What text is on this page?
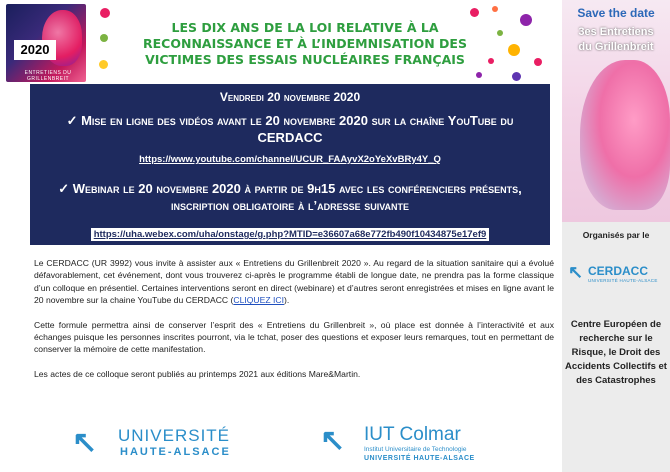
2020
ENTRETIENS DU GRILLENBREIT
LES DIX ANS DE LA LOI RELATIVE À LA
RECONNAISSANCE ET À L’INDEMNISATION DES
VICTIMES DES ESSAIS NUCLÉAIRES FRANÇAIS
Vendredi 20 novembre 2020
✓ Mise en ligne des vidéos avant le 20 novembre 2020 sur la chaîne YouTube du CERDACC
https://www.youtube.com/channel/UCUR_FAAyvX2oYeXvBRy4Y_Q
✓ Webinar le 20 novembre 2020 à partir de 9h15 avec les conférenciers présents, inscription obligatoire à l’adresse suivante
https://uha.webex.com/uha/onstage/g.php?MTID=e36607a68e772fb490f10434875e17ef9

Le CERDACC (UR 3992) vous invite à assister aux « Entretiens du Grillenbreit 2020 ». Au regard de la situation sanitaire qui a évolué défavorablement, cet événement, dont vous trouverez ci-après le programme établi de longue date, ne prendra pas la forme classique d’un colloque en présentiel. Certaines interventions seront en direct (webinare) et d’autres seront enregistrées et mises en ligne avant le 20 novembre sur la chaine YouTube du CERDACC (CLIQUEZ ICI).

Cette formule permettra ainsi de conserver l’esprit des « Entretiens du Grillenbreit », où place est donnée à l’interactivité et aux échanges puisque les personnes inscrites pourront, via le tchat, poser des questions et exposer leurs remarques, tout en permettant de conserver la mémoire de cette manifestation.

Les actes de ce colloque seront publiés au printemps 2021 aux éditions Mare&Martin.

↖ UNIVERSITÉ
HAUTE-ALSACE	↖ IUT Colmar
Institut Universitaire de Technologie
UNIVERSITÉ HAUTE-ALSACE
Save the date
3es Entretiens
du Grillenbreit
Organisés par le
↖ CERDACC
UNIVERSITÉ HAUTE-ALSACE
Centre Européen de recherche sur le Risque, le Droit des Accidents Collectifs et des Catastrophes
